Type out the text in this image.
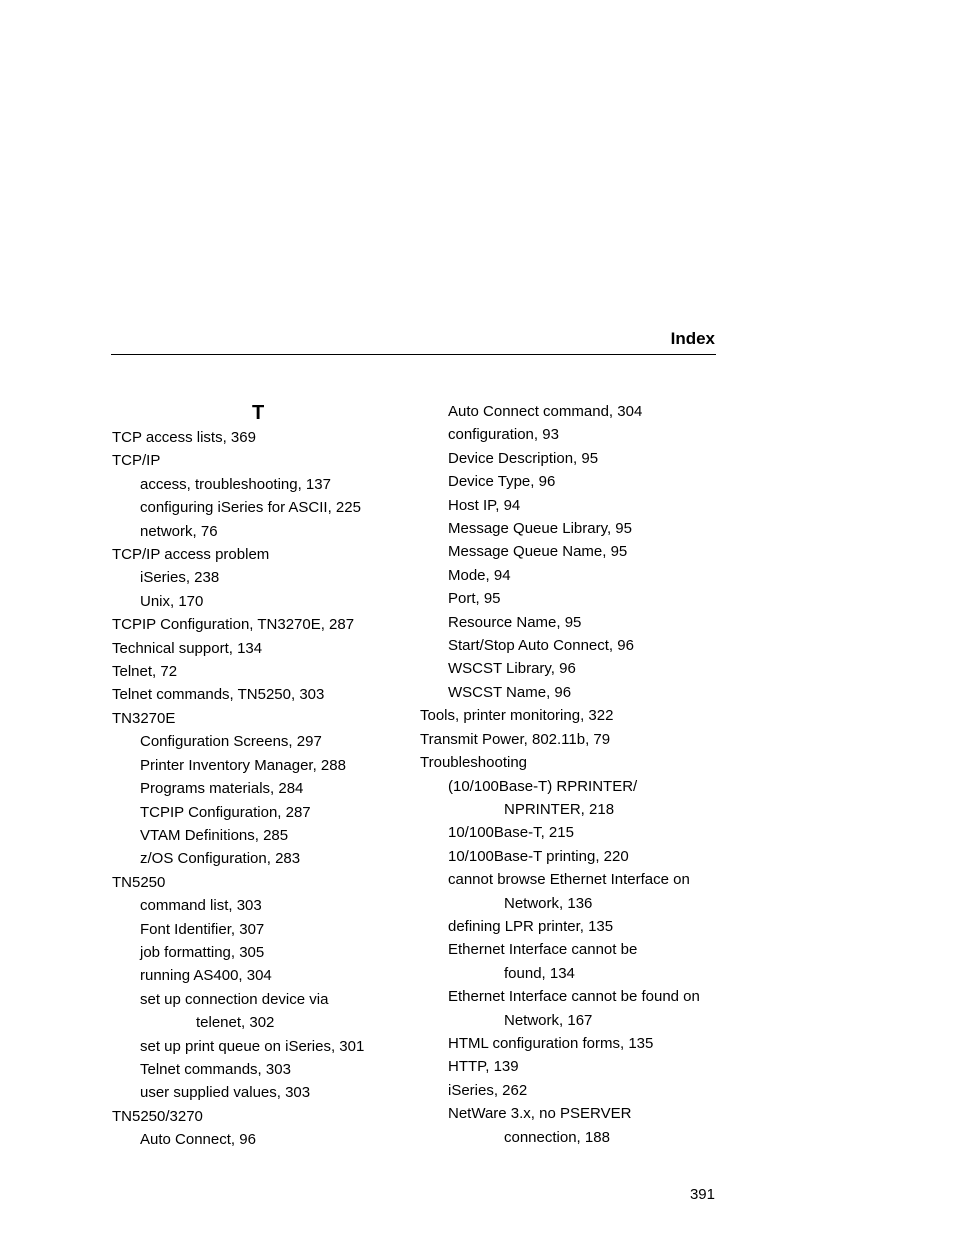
Index
T
TCP access lists, 369
TCP/IP
access, troubleshooting, 137
configuring iSeries for ASCII, 225
network, 76
TCP/IP access problem
iSeries, 238
Unix, 170
TCPIP Configuration, TN3270E, 287
Technical support, 134
Telnet, 72
Telnet commands, TN5250, 303
TN3270E
Configuration Screens, 297
Printer Inventory Manager, 288
Programs materials, 284
TCPIP Configuration, 287
VTAM Definitions, 285
z/OS Configuration, 283
TN5250
command list, 303
Font Identifier, 307
job formatting, 305
running AS400, 304
set up connection device via
telenet, 302
set up print queue on iSeries, 301
Telnet commands, 303
user supplied values, 303
TN5250/3270
Auto Connect, 96
Auto Connect command, 304
configuration, 93
Device Description, 95
Device Type, 96
Host IP, 94
Message Queue Library, 95
Message Queue Name, 95
Mode, 94
Port, 95
Resource Name, 95
Start/Stop Auto Connect, 96
WSCST Library, 96
WSCST Name, 96
Tools, printer monitoring, 322
Transmit Power, 802.11b, 79
Troubleshooting
(10/100Base-T) RPRINTER/
NPRINTER, 218
10/100Base-T, 215
10/100Base-T printing, 220
cannot browse Ethernet Interface on
Network, 136
defining LPR printer, 135
Ethernet Interface cannot be
found, 134
Ethernet Interface cannot be found on
Network, 167
HTML configuration forms, 135
HTTP, 139
iSeries, 262
NetWare 3.x, no PSERVER
connection, 188
391
